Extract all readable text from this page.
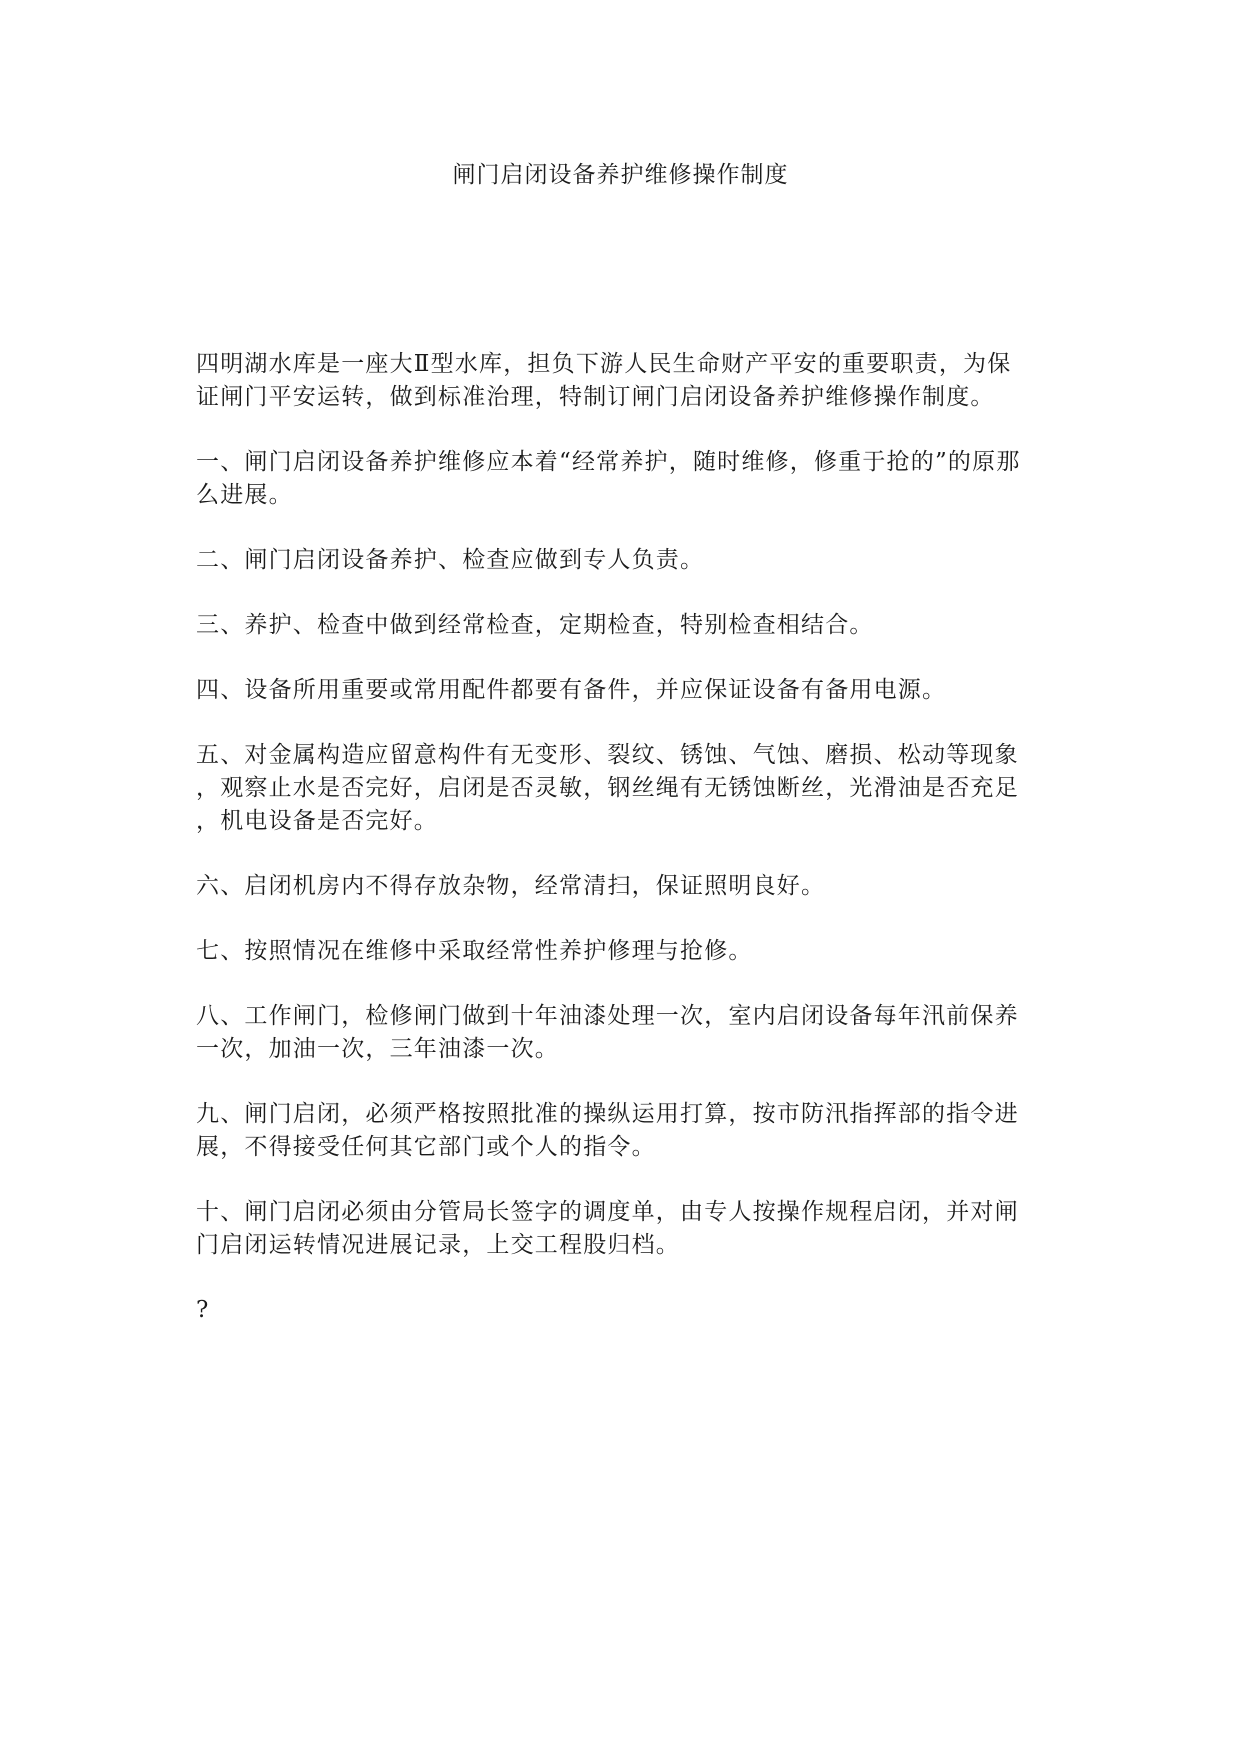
闸门启闭设备养护维修操作制度

四明湖水库是一座大Ⅱ型水库，担负下游人民生命财产平安的重要职责，为保
证闸门平安运转，做到标准治理，特制订闸门启闭设备养护维修操作制度。

一、闸门启闭设备养护维修应本着“经常养护，随时维修，修重于抢的”的原那
么进展。

二、闸门启闭设备养护、检查应做到专人负责。

三、养护、检查中做到经常检查，定期检查，特别检查相结合。

四、设备所用重要或常用配件都要有备件，并应保证设备有备用电源。

五、对金属构造应留意构件有无变形、裂纹、锈蚀、气蚀、磨损、松动等现象
，观察止水是否完好，启闭是否灵敏，钢丝绳有无锈蚀断丝，光滑油是否充足
，机电设备是否完好。

六、启闭机房内不得存放杂物，经常清扫，保证照明良好。

七、按照情况在维修中采取经常性养护修理与抢修。

八、工作闸门，检修闸门做到十年油漆处理一次，室内启闭设备每年汛前保养
一次，加油一次，三年油漆一次。

九、闸门启闭，必须严格按照批准的操纵运用打算，按市防汛指挥部的指令进
展，不得接受任何其它部门或个人的指令。

十、闸门启闭必须由分管局长签字的调度单，由专人按操作规程启闭，并对闸
门启闭运转情况进展记录，上交工程股归档。

?
